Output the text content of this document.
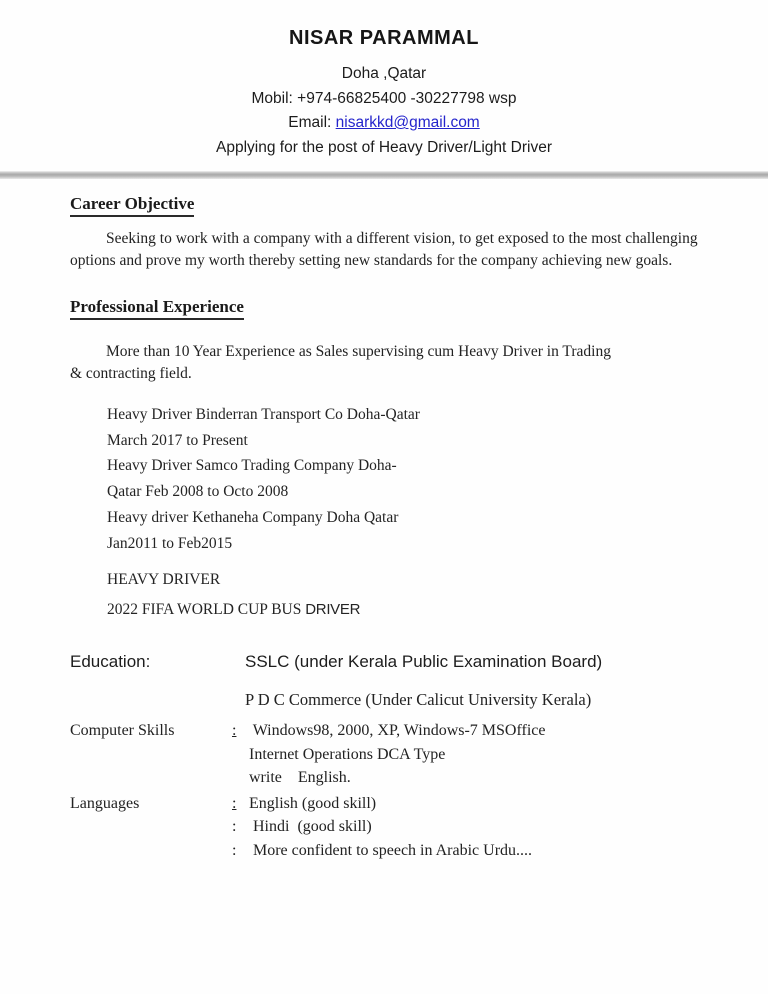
NISAR PARAMMAL
Doha ,Qatar
Mobil: +974-66825400 -30227798 wsp
Email: nisarkkd@gmail.com
Applying for the post of Heavy Driver/Light Driver
Career Objective
Seeking to work with a company with a different vision, to get exposed to the most challenging
options and prove my worth thereby setting new standards for the company achieving new goals.
Professional Experience
More than 10 Year Experience as Sales supervising cum Heavy Driver in Trading
& contracting field.
Heavy Driver Binderran Transport Co Doha-Qatar
March 2017 to Present
Heavy Driver Samco Trading Company Doha-
Qatar Feb 2008 to Octo 2008
Heavy driver Kethaneha Company Doha Qatar
Jan2011 to Feb2015
HEAVY DRIVER
2022 FIFA WORLD CUP BUS DRIVER
Education:	SSLC (under Kerala Public Examination Board)
P D C Commerce (Under Calicut University Kerala)
Computer Skills	: Windows98, 2000, XP, Windows-7 MSOffice
Internet Operations DCA Type
write    English.
Languages	: English (good skill)
: Hindi  (good skill)
: More confident to speech in Arabic Urdu....
